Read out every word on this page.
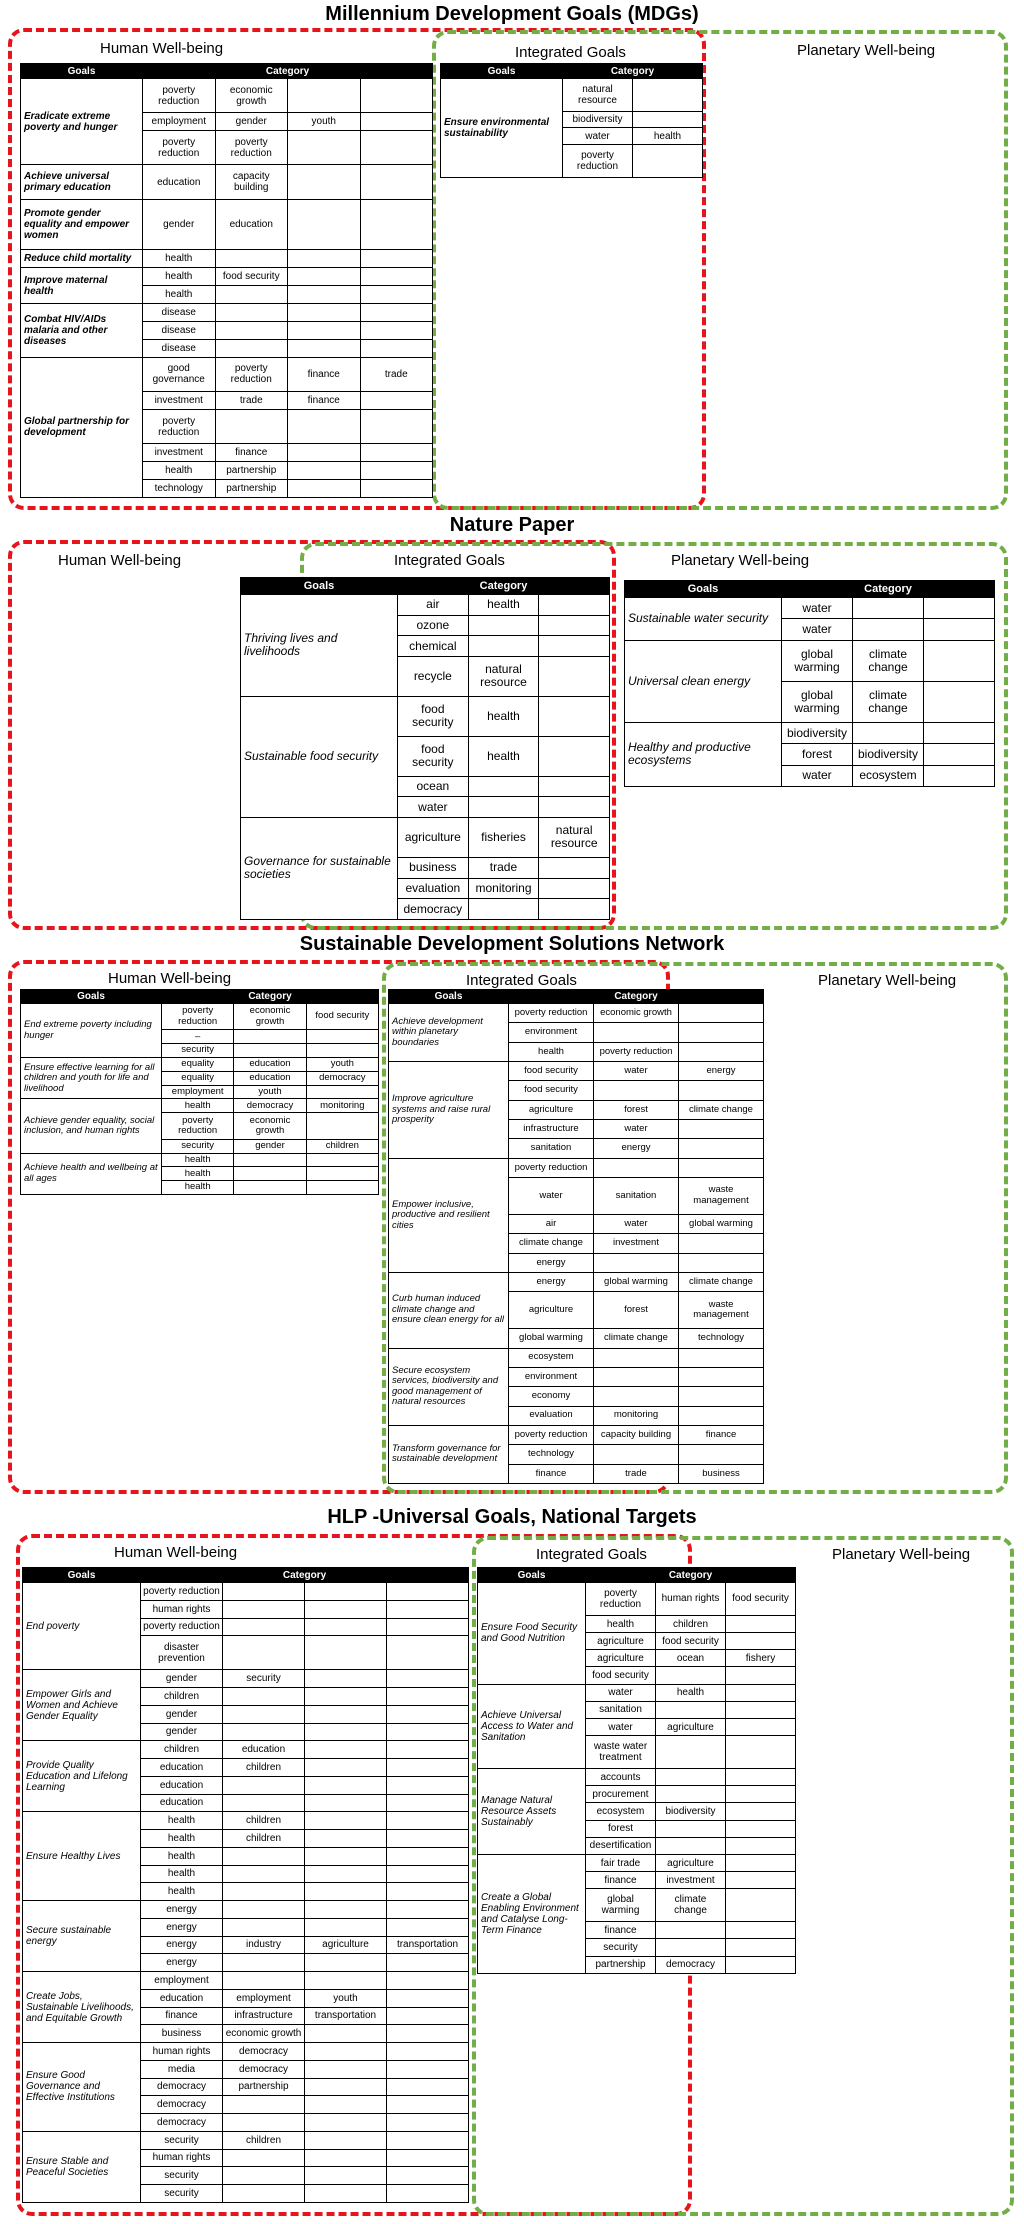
Millennium Development Goals (MDGs)
Human Well-being	Integrated Goals	Planetary Well-being
Goals	Category			
Eradicate extreme poverty and hunger	poverty reduction	economic growth		
	employment	gender	youth	
	poverty reduction	poverty reduction		
Achieve universal primary education	education	capacity building		
Promote gender equality and empower women	gender	education		
Reduce child mortality	health			
Improve maternal health	health	food security		
	health			
Combat HIV/AIDs malaria and other diseases	disease			
	disease			
	disease			
Global partnership for development	good governance	poverty reduction	finance	trade
	investment	trade	finance	
	poverty reduction			
	investment	finance		
	health	partnership		
	technology	partnership		
Goals	Category		
Ensure environmental sustainability	natural resource		
	biodiversity		
	water	health	
	poverty reduction		
Nature Paper
Human Well-being	Integrated Goals	Planetary Well-being
Goals	Category		
Thriving lives and livelihoods	air	health	
	ozone		
	chemical		
	recycle	natural resource	
Sustainable food security	food security	health	
	food security	health	
	ocean		
	water		
Governance for sustainable societies	agriculture	fisheries	natural resource
	business	trade	
	evaluation	monitoring	
	democracy		
Goals	Category		
Sustainable water security	water		
	water		
Universal clean energy	global warming	climate change	
	global warming	climate change	
Healthy and productive ecosystems	biodiversity		
	forest	biodiversity	
	water	ecosystem	
Sustainable Development Solutions Network
Human Well-being	Integrated Goals	Planetary Well-being
Goals	Category		
End extreme poverty including hunger	poverty reduction	economic growth	food security
	–		
	security		
Ensure effective learning for all children and youth for life and livelihood	equality	education	youth
	equality	education	democracy
	employment	youth	
Achieve gender equality, social inclusion, and human rights	health	democracy	monitoring
	poverty reduction	economic growth	
	security	gender	children
Achieve health and wellbeing at all ages	health		
	health		
	health		
Goals	Category		
Achieve development within planetary boundaries	poverty reduction	economic growth	
	environment		
	health	poverty reduction	
Improve agriculture systems and raise rural prosperity	food security	water	energy
	food security		
	agriculture	forest	climate change
	infrastructure	water	
	sanitation	energy	
Empower inclusive, productive and resilient cities	poverty reduction		
	water	sanitation	waste management
	air	water	global warming
	climate change	investment	
	energy		
Curb human induced climate change and ensure clean energy for all	energy	global warming	climate change
	agriculture	forest	waste management
	global warming	climate change	technology
Secure ecosystem services, biodiversity and good management of natural resources	ecosystem		
	environment		
	economy		
	evaluation	monitoring	
Transform governance for sustainable development	poverty reduction	capacity building	finance
	technology		
	finance	trade	business
HLP -Universal Goals, National Targets
Human Well-being	Integrated Goals	Planetary Well-being
Goals	Category			
End poverty	poverty reduction			
	human rights			
	poverty reduction			
	disaster prevention			
Empower Girls and Women and Achieve Gender Equality	gender	security		
	children			
	gender			
	gender			
Provide Quality Education and Lifelong Learning	children	education		
	education	children		
	education			
	education			
Ensure Healthy Lives	health	children		
	health	children		
	health			
	health			
	health			
Secure sustainable energy	energy			
	energy			
	energy	industry	agriculture	transportation
	energy			
Create Jobs, Sustainable Livelihoods, and Equitable Growth	employment			
	education	employment	youth	
	finance	infrastructure	transportation	
	business	economic growth		
Ensure Good Governance and Effective Institutions	human rights	democracy		
	media	democracy		
	democracy	partnership		
	democracy			
	democracy			
Ensure Stable and Peaceful Societies	security	children		
	human rights			
	security			
	security			
Goals	Category		
Ensure Food Security and Good Nutrition	poverty reduction	human rights	food security
	health	children	
	agriculture	food security	
	agriculture	ocean	fishery
	food security		
Achieve Universal Access to Water and Sanitation	water	health	
	sanitation		
	water	agriculture	
	waste water treatment		
Manage Natural Resource Assets Sustainably	accounts		
	procurement		
	ecosystem	biodiversity	
	forest		
	desertification		
Create a Global Enabling Environment and Catalyse Long-Term Finance	fair trade	agriculture	
	finance	investment	
	global warming	climate change	
	finance		
	security		
	partnership	democracy	
